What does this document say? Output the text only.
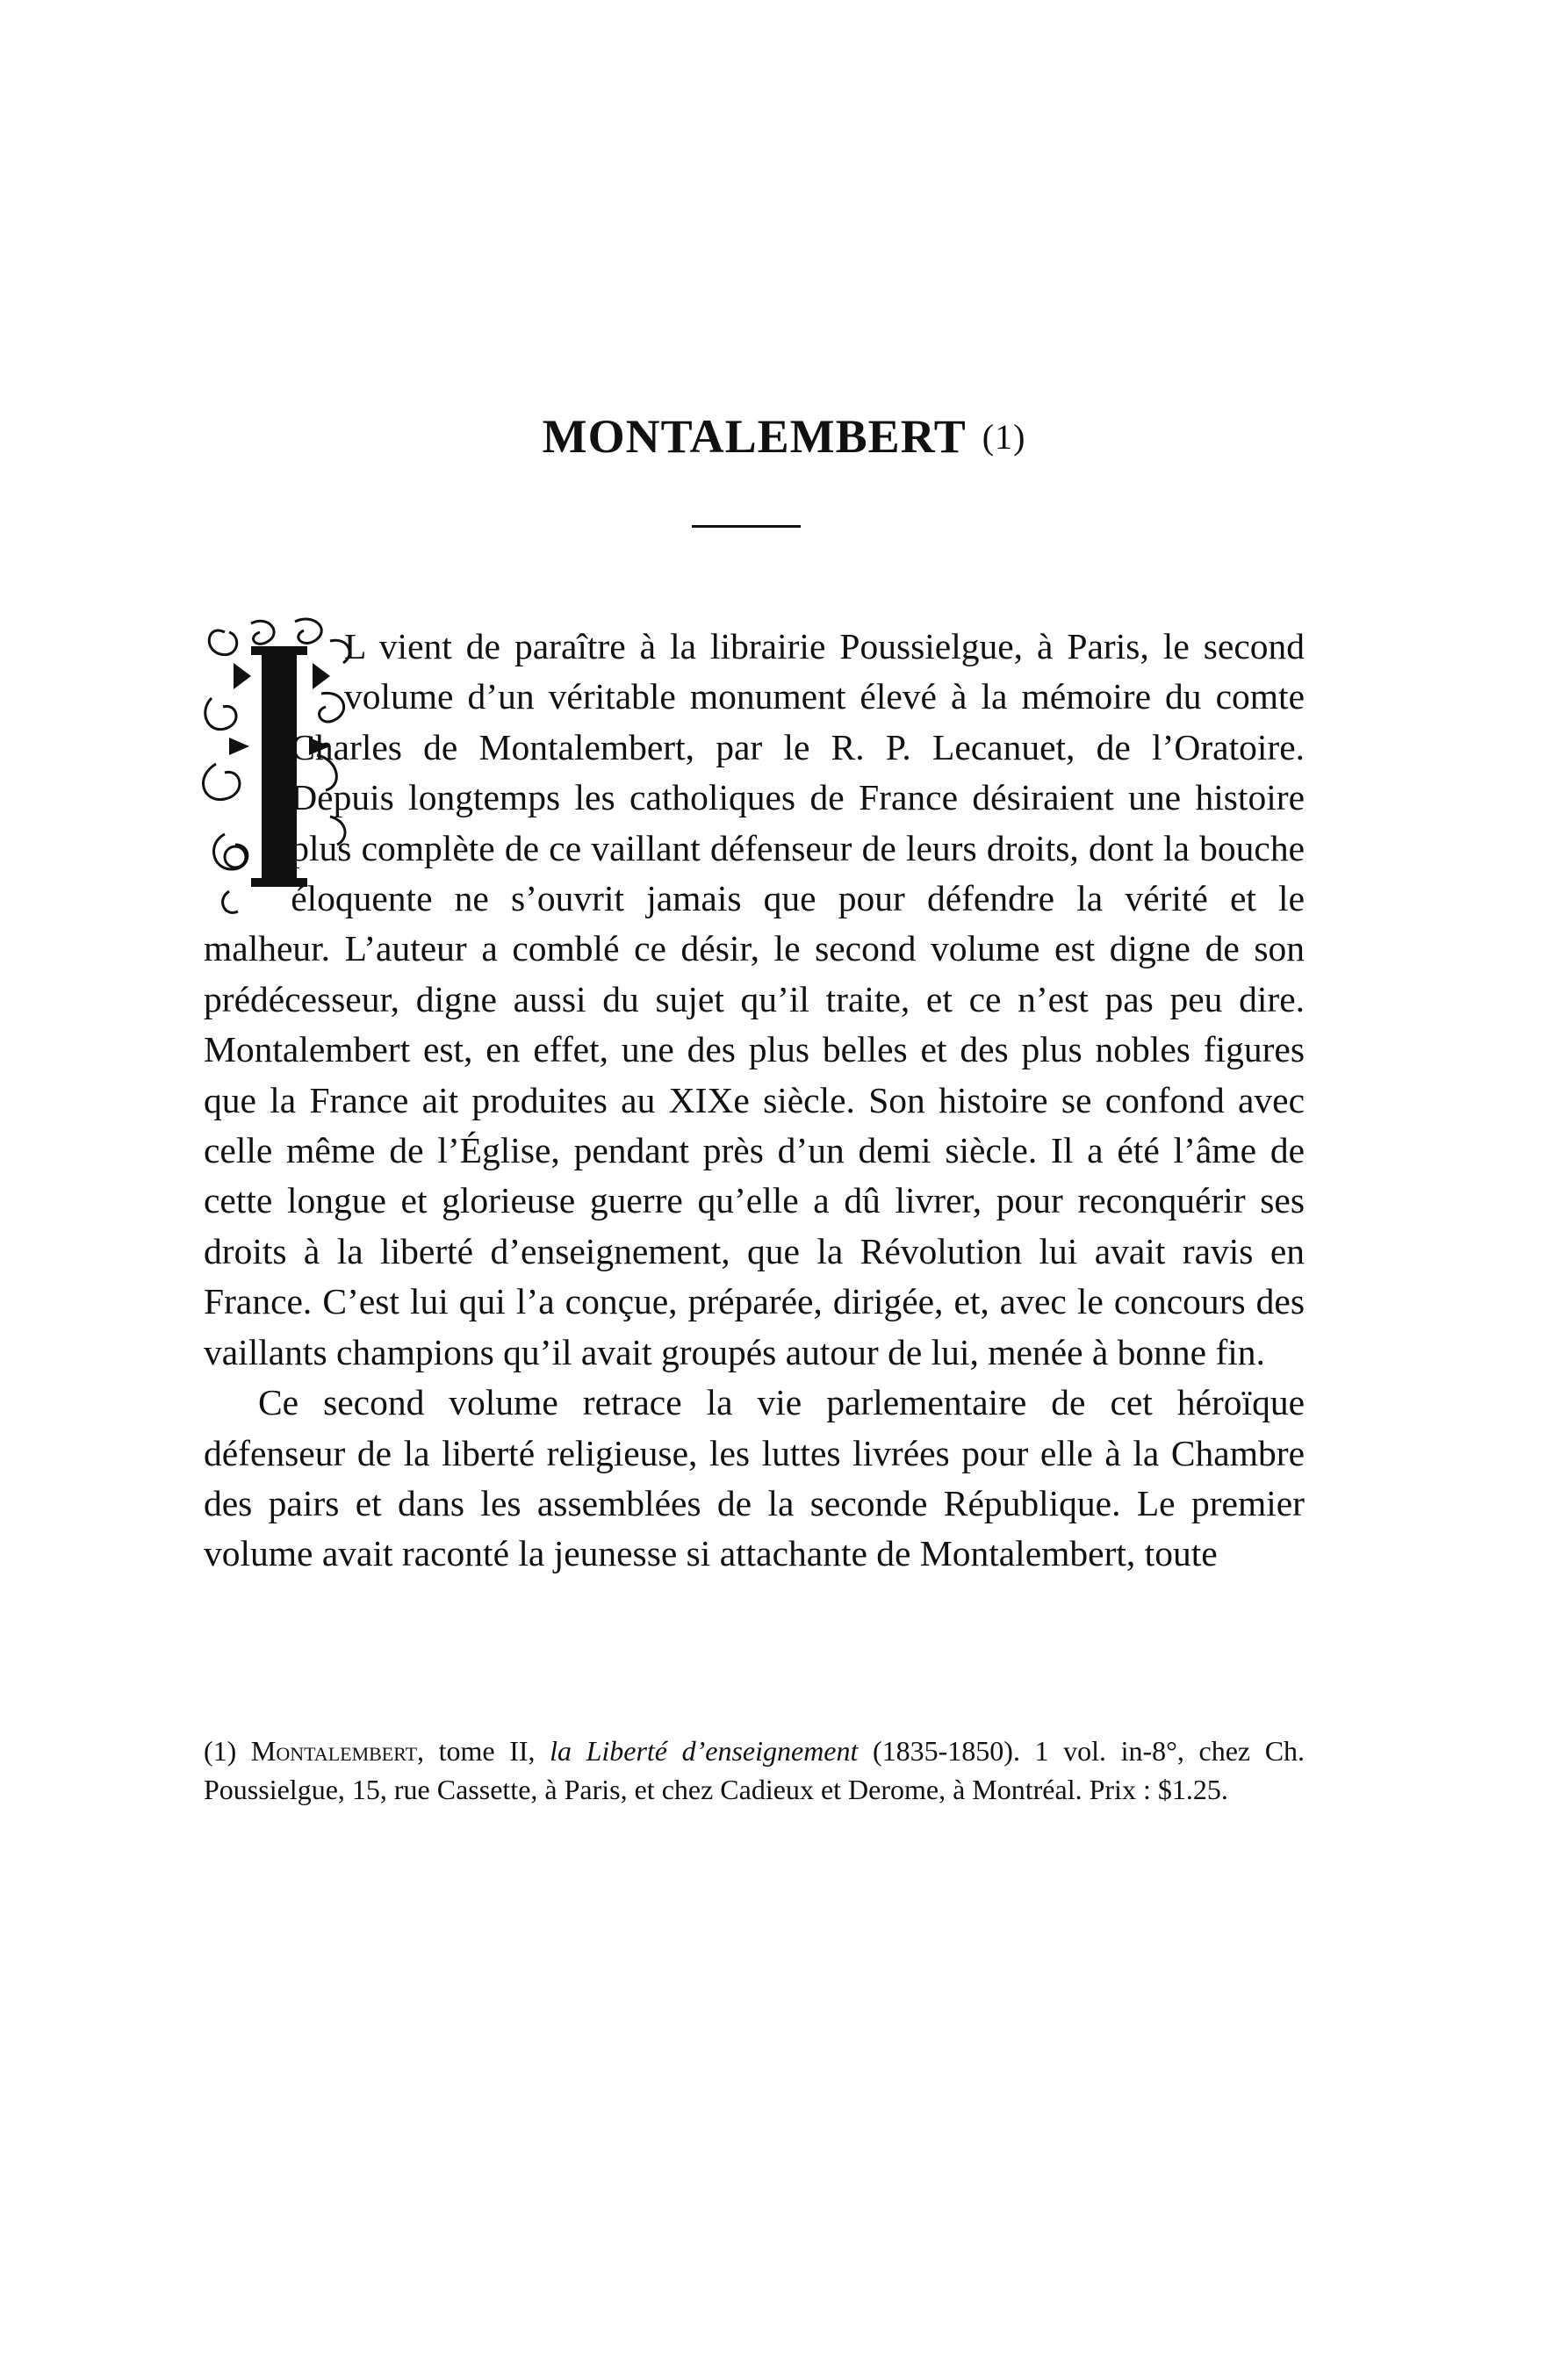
MONTALEMBERT (1)

L vient de paraître à la librairie Poussielgue, à Paris, le second volume d’un véritable monument élevé à la mémoire du comte Charles de Montalembert, par le R. P. Lecanuet, de l’Oratoire. Depuis longtemps les catholiques de France désiraient une histoire plus complète de ce vaillant défenseur de leurs droits, dont la bouche éloquente ne s’ouvrit jamais que pour défendre la vérité et le malheur. L’auteur a comblé ce désir, le second volume est digne de son prédécesseur, digne aussi du sujet qu’il traite, et ce n’est pas peu dire. Montalembert est, en effet, une des plus belles et des plus nobles figures que la France ait produites au XIXe siècle. Son histoire se confond avec celle même de l’Église, pendant près d’un demi siècle. Il a été l’âme de cette longue et glorieuse guerre qu’elle a dû livrer, pour reconquérir ses droits à la liberté d’enseignement, que la Révolution lui avait ravis en France. C’est lui qui l’a conçue, préparée, dirigée, et, avec le concours des vaillants champions qu’il avait groupés autour de lui, menée à bonne fin.

Ce second volume retrace la vie parlementaire de cet héroïque défenseur de la liberté religieuse, les luttes livrées pour elle à la Chambre des pairs et dans les assemblées de la seconde République. Le premier volume avait raconté la jeunesse si attachante de Montalembert, toute

(1) Montalembert, tome II, la Liberté d’enseignement (1835-1850). 1 vol. in-8°, chez Ch. Poussielgue, 15, rue Cassette, à Paris, et chez Cadieux et Derome, à Montréal. Prix : $1.25.
